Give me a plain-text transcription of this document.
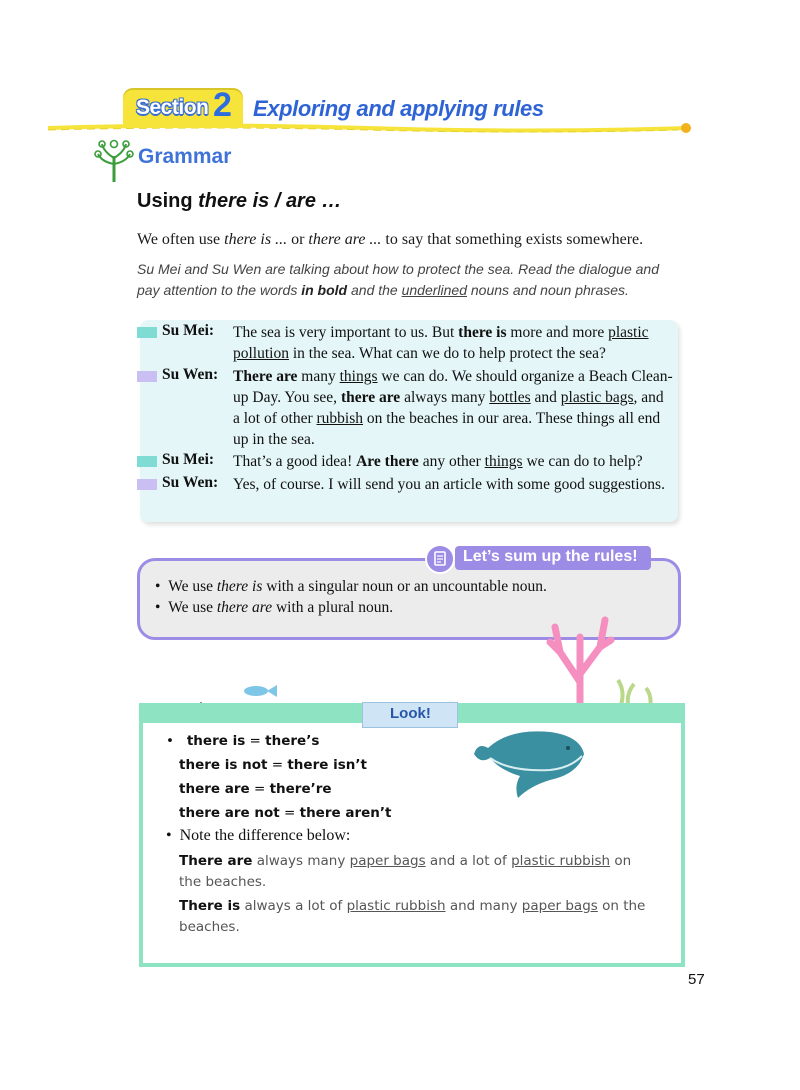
Section 2 Exploring and applying rules
Grammar
Using there is / are …
We often use there is ... or there are ... to say that something exists somewhere.
Su Mei and Su Wen are talking about how to protect the sea. Read the dialogue and pay attention to the words in bold and the underlined nouns and noun phrases.
Su Mei: The sea is very important to us. But there is more and more plastic pollution in the sea. What can we do to help protect the sea?
Su Wen: There are many things we can do. We should organize a Beach Clean-up Day. You see, there are always many bottles and plastic bags, and a lot of other rubbish on the beaches in our area. These things all end up in the sea.
Su Mei: That’s a good idea! Are there any other things we can do to help?
Su Wen: Yes, of course. I will send you an article with some good suggestions.
Let’s sum up the rules!
•  We use there is with a singular noun or an uncountable noun.
•  We use there are with a plural noun.
Look!
•   there is = there’s
there is not = there isn’t
there are = there’re
there are not = there aren’t
•  Note the difference below:
There are always many paper bags and a lot of plastic rubbish on the beaches.
There is always a lot of plastic rubbish and many paper bags on the beaches.
57
